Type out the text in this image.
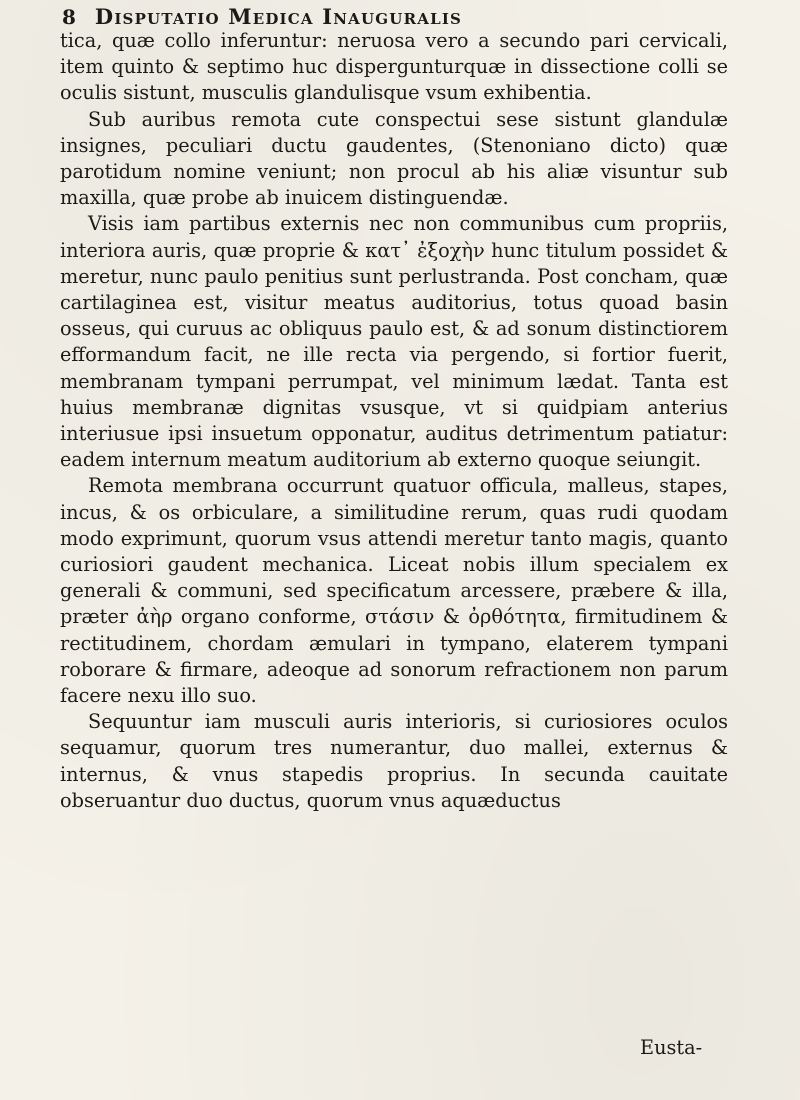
8 Disputatio Medica Inauguralis

tica, quæ collo inferuntur: neruosa vero a secundo pari cervicali, item quinto & septimo huc dispergunturquæ in dissectione colli se oculis sistunt, musculis glandulisque vsum exhibentia.

Sub auribus remota cute conspectui sese sistunt glandulæ insignes, peculiari ductu gaudentes, (Stenoniano dicto) quæ parotidum nomine veniunt; non procul ab his aliæ visuntur sub maxilla, quæ probe ab inuicem distinguendæ.

Visis iam partibus externis nec non communibus cum propriis, interiora auris, quæ proprie & κατ᾽ ἐξοχὴν hunc titulum possidet & meretur, nunc paulo penitius sunt perlustranda. Post concham, quæ cartilaginea est, visitur meatus auditorius, totus quoad basin osseus, qui curuus ac obliquus paulo est, & ad sonum distinctiorem efformandum facit, ne ille recta via pergendo, si fortior fuerit, membranam tympani perrumpat, vel minimum lædat. Tanta est huius membranæ dignitas vsusque, vt si quidpiam anterius interiusue ipsi insuetum opponatur, auditus detrimentum patiatur: eadem internum meatum auditorium ab externo quoque seiungit.

Remota membrana occurrunt quatuor officula, malleus, stapes, incus, & os orbiculare, a similitudine rerum, quas rudi quodam modo exprimunt, quorum vsus attendi meretur tanto magis, quanto curiosiori gaudent mechanica. Liceat nobis illum specialem ex generali & communi, sed specificatum arcessere, præbere & illa, præter ἀὴρ organo conforme, στάσιν & ὀρθότητα, firmitudinem & rectitudinem, chordam æmulari in tympano, elaterem tympani roborare & firmare, adeoque ad sonorum refractionem non parum facere nexu illo suo.

Sequuntur iam musculi auris interioris, si curiosiores oculos sequamur, quorum tres numerantur, duo mallei, externus & internus, & vnus stapedis proprius. In secunda cauitate obseruantur duo ductus, quorum vnus aquæductus

Eusta-
